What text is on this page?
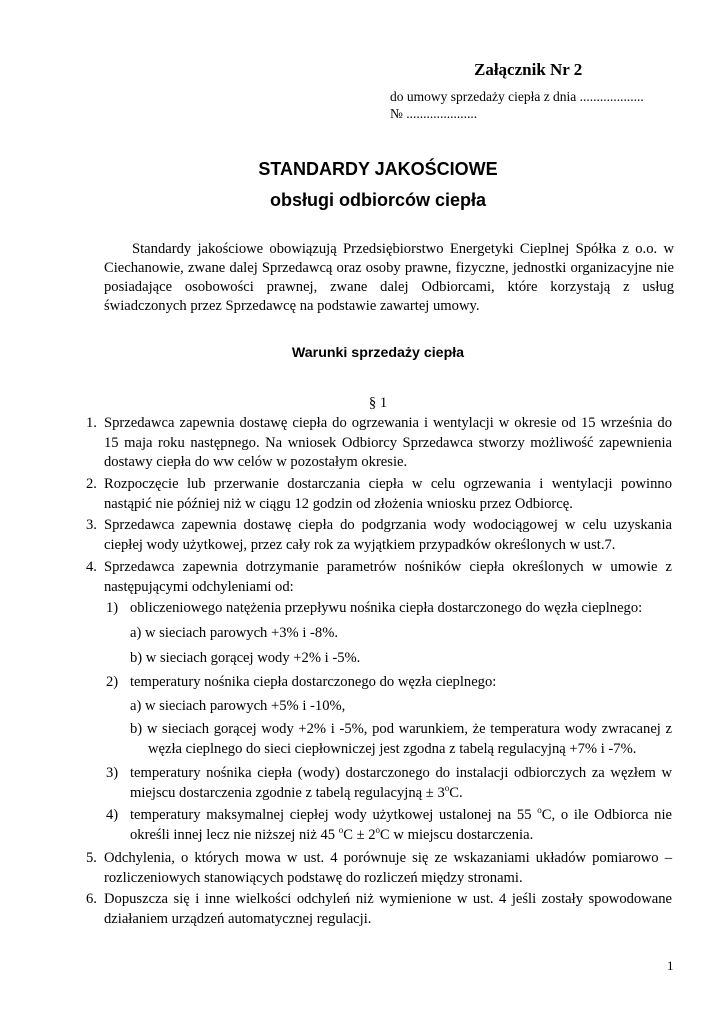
Załącznik Nr 2
do umowy sprzedaży ciepła z dnia ...................
№ .....................
STANDARDY JAKOŚCIOWE
obsługi odbiorców ciepła

Standardy jakościowe obowiązują Przedsiębiorstwo Energetyki Cieplnej Spółka z o.o. w Ciechanowie, zwane dalej Sprzedawcą oraz osoby prawne, fizyczne, jednostki organizacyjne nie posiadające osobowości prawnej, zwane dalej Odbiorcami, które korzystają z usług świadczonych przez Sprzedawcę na podstawie zawartej umowy.

Warunki sprzedaży ciepła
§ 1
1. Sprzedawca zapewnia dostawę ciepła do ogrzewania i wentylacji w okresie od 15 września do 15 maja roku następnego. Na wniosek Odbiorcy Sprzedawca stworzy możliwość zapewnienia dostawy ciepła do ww celów w pozostałym okresie.
2. Rozpoczęcie lub przerwanie dostarczania ciepła w celu ogrzewania i wentylacji powinno nastąpić nie później niż w ciągu 12 godzin od złożenia wniosku przez Odbiorcę.
3. Sprzedawca zapewnia dostawę ciepła do podgrzania wody wodociągowej w celu uzyskania ciepłej wody użytkowej, przez cały rok za wyjątkiem przypadków określonych w ust.7.
4. Sprzedawca zapewnia dotrzymanie parametrów nośników ciepła określonych w umowie z następującymi odchyleniami od:
1) obliczeniowego natężenia przepływu nośnika ciepła dostarczonego do węzła cieplnego:
a) w sieciach parowych +3% i -8%.
b) w sieciach gorącej wody +2% i -5%.
2) temperatury nośnika ciepła dostarczonego do węzła cieplnego:
a) w sieciach parowych +5% i -10%,
b) w sieciach gorącej wody +2% i -5%, pod warunkiem, że temperatura wody zwracanej z węzła cieplnego do sieci ciepłowniczej jest zgodna z tabelą regulacyjną +7% i -7%.
3) temperatury nośnika ciepła (wody) dostarczonego do instalacji odbiorczych za węzłem w miejscu dostarczenia zgodnie z tabelą regulacyjną ± $3^oC$.
4) temperatury maksymalnej ciepłej wody użytkowej ustalonej na 55 $^o$C, o ile Odbiorca nie określi innej lecz nie niższej niż 45 $^oC \pm 2^oC$ w miejscu dostarczenia.
5. Odchylenia, o których mowa w ust. 4 porównuje się ze wskazaniami układów pomiarowo – rozliczeniowych stanowiących podstawę do rozliczeń między stronami.
6. Dopuszcza się i inne wielkości odchyleń niż wymienione w ust. 4 jeśli zostały spowodowane działaniem urządzeń automatycznej regulacji.
1
